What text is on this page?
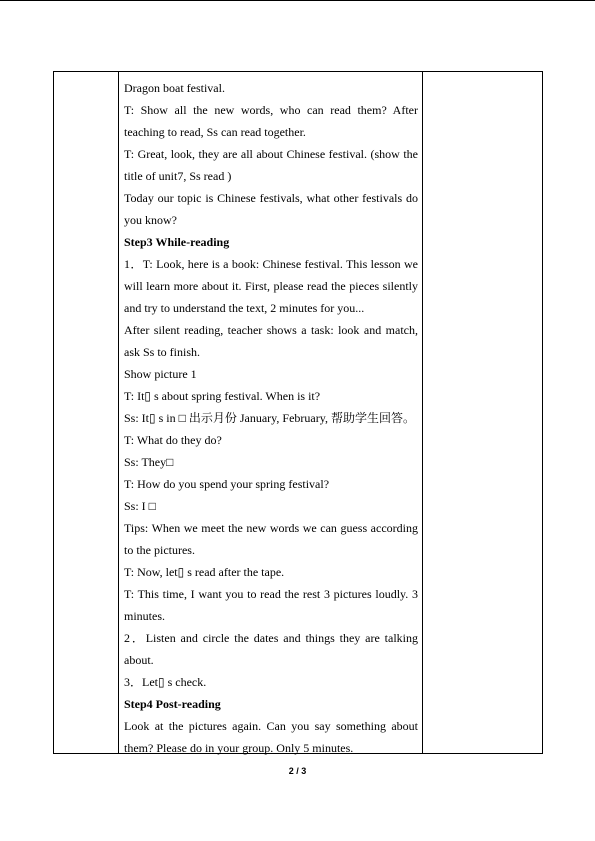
Dragon boat festival.

T: Show all the new words, who can read them? After teaching to read, Ss can read together.

T: Great, look, they are all about Chinese festival. (show the title of unit7, Ss read )

Today our topic is Chinese festivals, what other festivals do you know?

Step3 While-reading

1．T: Look, here is a book: Chinese festival. This lesson we will learn more about it. First, please read the pieces silently and try to understand the text, 2 minutes for you...

After silent reading, teacher shows a task: look and match, ask Ss to finish.

Show picture 1

T: It▯ s about spring festival. When is it?

Ss: It▯ s in □ 出示月份 January, February, 帮助学生回答。

T: What do they do?

Ss: They□

T: How do you spend your spring festival?

Ss: I □

Tips: When we meet the new words we can guess according to the pictures.

T: Now, let▯ s read after the tape.

T: This time, I want you to read the rest 3 pictures loudly. 3 minutes.

2．Listen and circle the dates and things they are talking about.

3．Let▯ s check.

Step4 Post-reading

Look at the pictures again. Can you say something about them? Please do in your group. Only 5 minutes.

2 / 3
